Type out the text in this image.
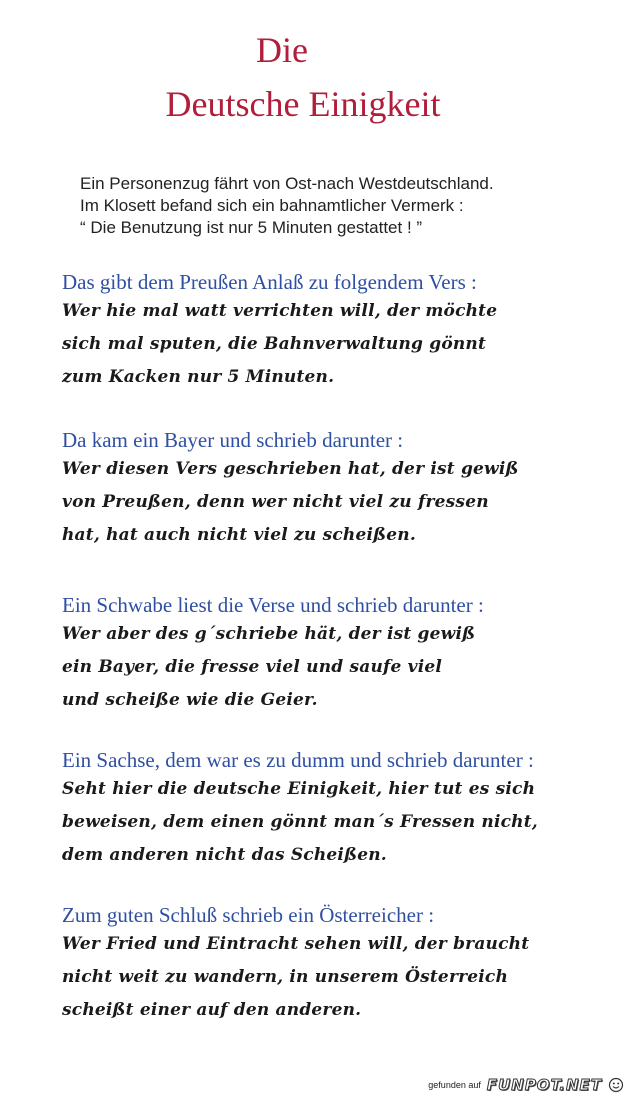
Die
Deutsche Einigkeit
Ein Personenzug fährt von Ost-nach Westdeutschland.
Im Klosett befand sich ein bahnamtlicher Vermerk :
“ Die Benutzung ist nur 5 Minuten gestattet ! ”
Das gibt dem Preußen Anlaß zu folgendem Vers :
Wer hie mal watt verrichten will, der möchte
sich mal sputen, die Bahnverwaltung gönnt
zum Kacken nur 5 Minuten.
Da kam ein Bayer und schrieb darunter :
Wer diesen Vers geschrieben hat, der ist gewiß
von Preußen, denn wer nicht viel zu fressen
hat, hat auch nicht viel zu scheißen.
Ein Schwabe liest die Verse und schrieb darunter :
Wer aber des g´schriebe hät, der ist gewiß
ein Bayer, die fresse viel und saufe viel
und scheiße wie die Geier.
Ein Sachse, dem war es zu dumm und schrieb darunter :
Seht hier die deutsche Einigkeit, hier tut es sich
beweisen, dem einen gönnt man´s Fressen nicht,
dem anderen nicht das Scheißen.
Zum guten Schluß schrieb ein Österreicher :
Wer Fried und Eintracht sehen will, der braucht
nicht weit zu wandern, in unserem Österreich
scheißt einer auf den anderen.
gefunden auf FUNPOT.NET
